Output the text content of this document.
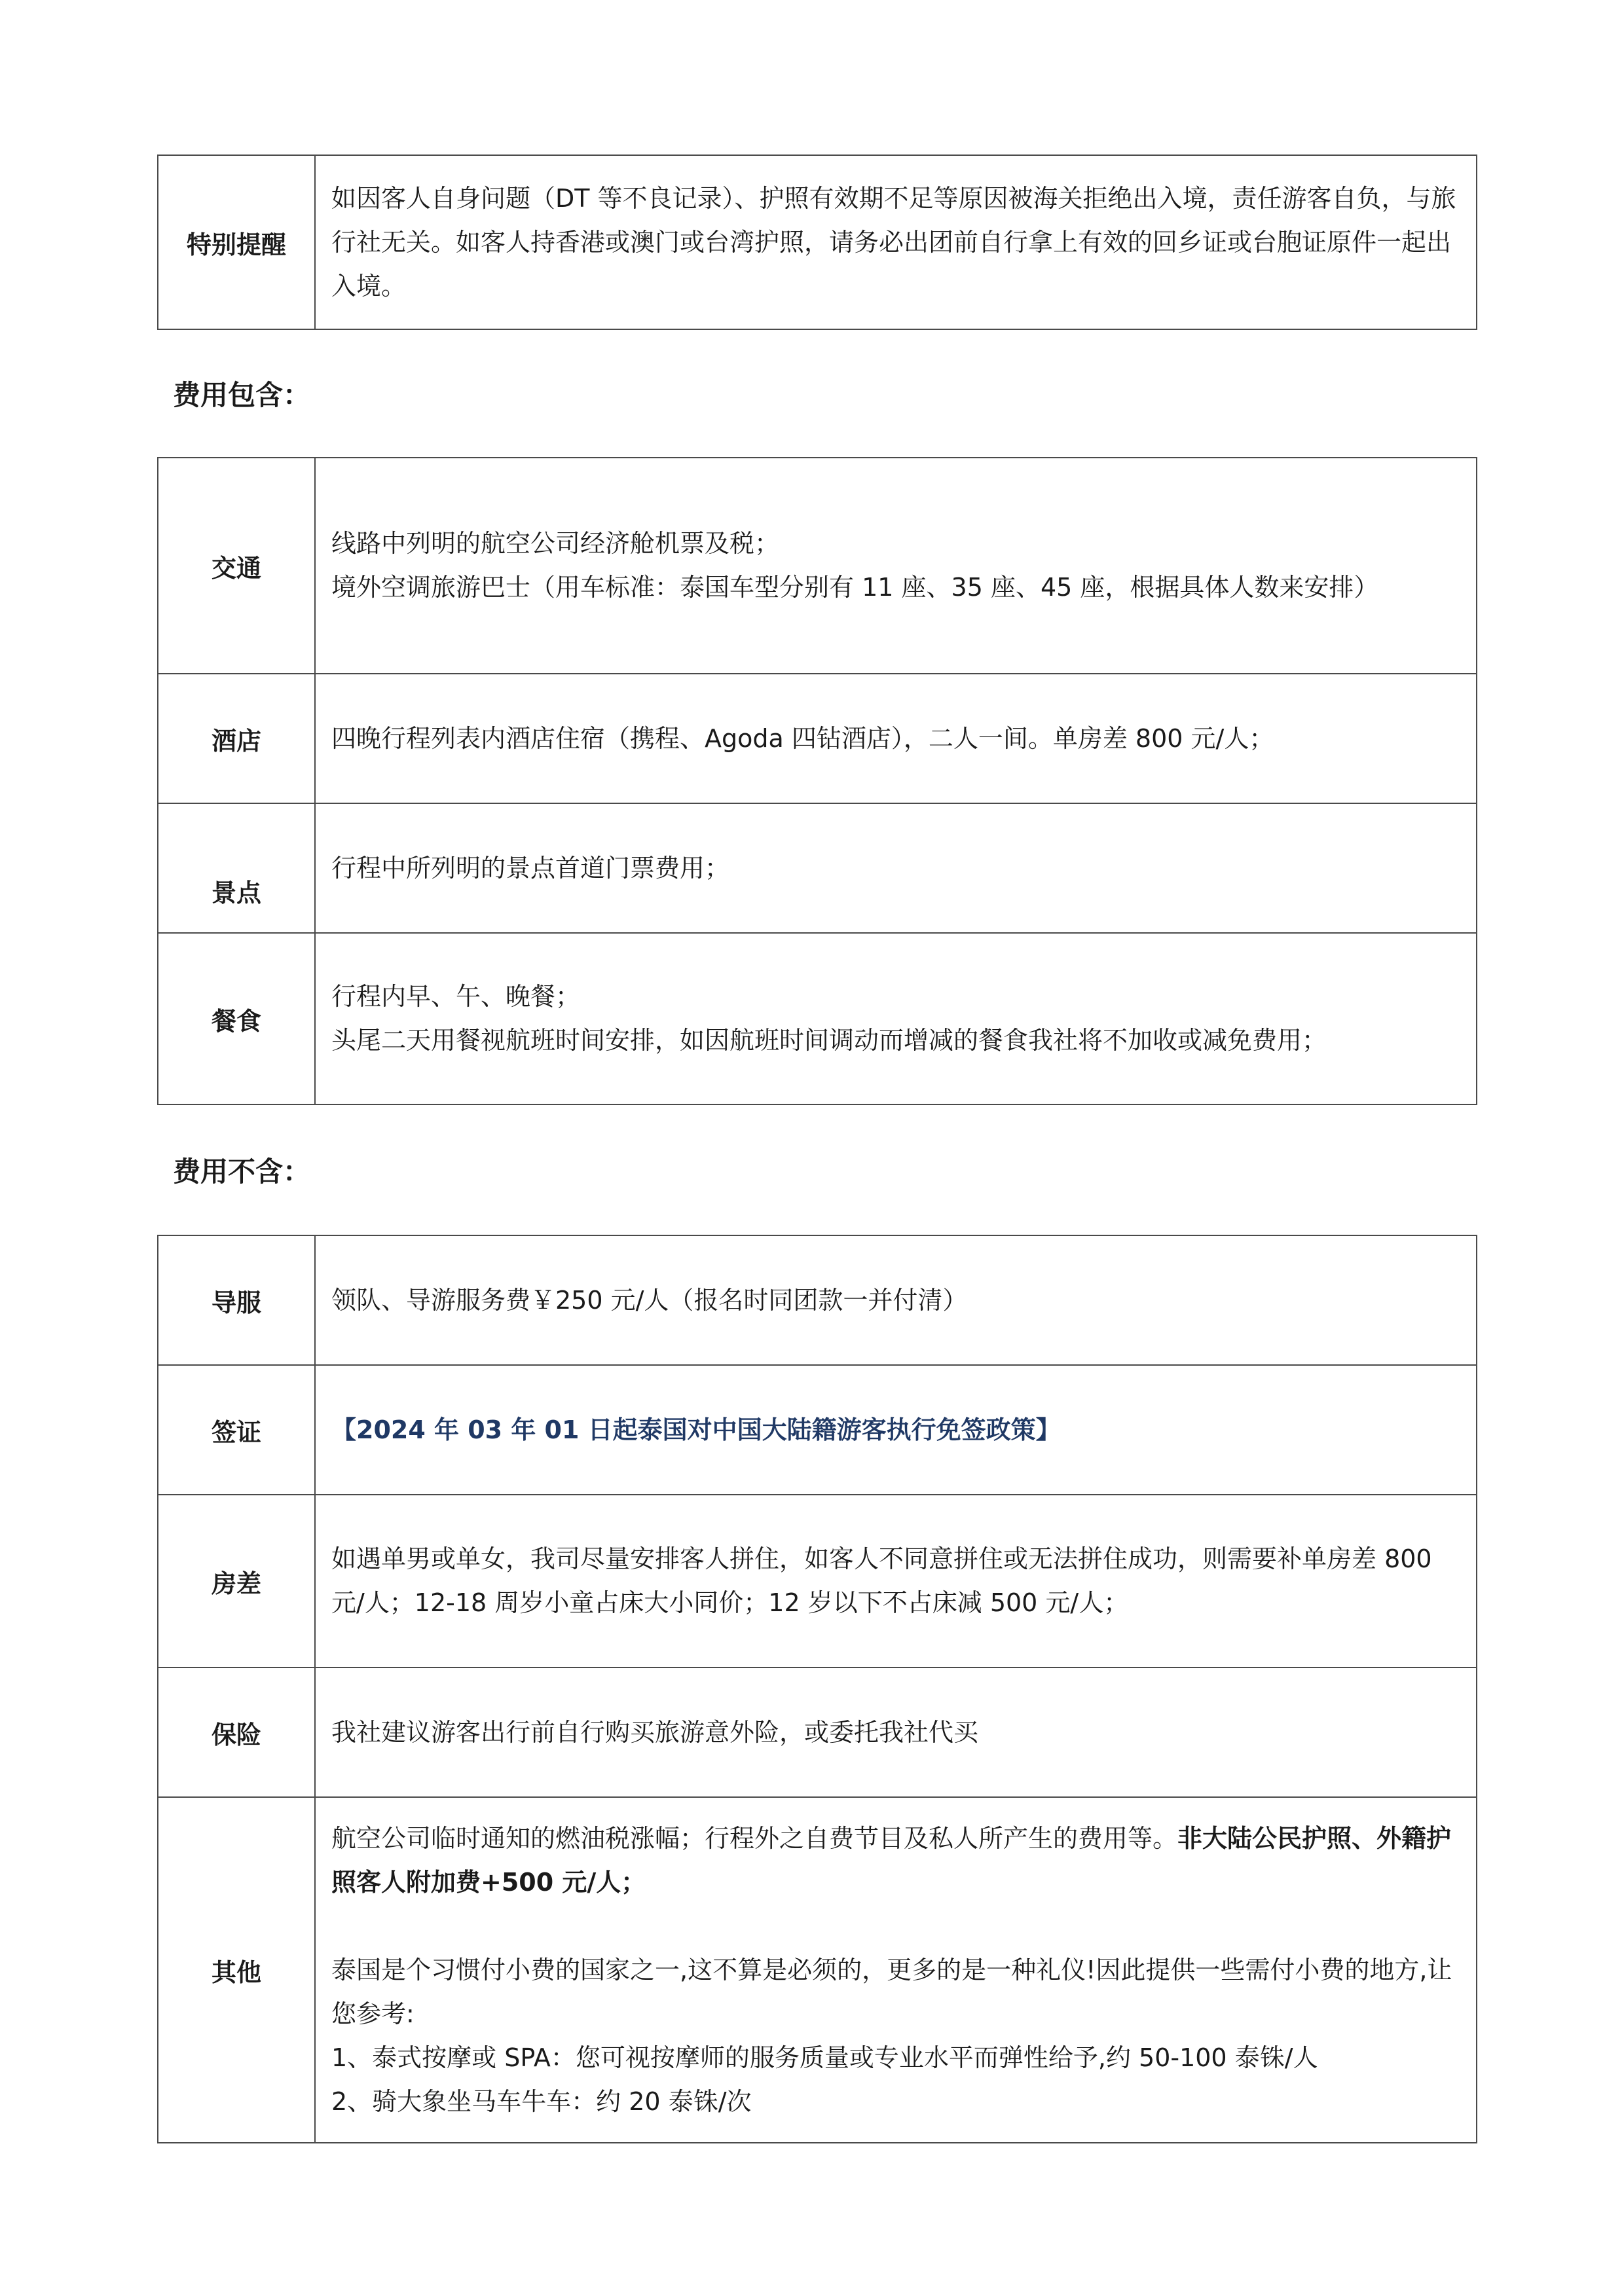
特别提醒	如因客人自身问题（DT 等不良记录）、护照有效期不足等原因被海关拒绝出入境，责任游客自负，与旅行社无关。如客人持香港或澳门或台湾护照，请务必出团前自行拿上有效的回乡证或台胞证原件一起出入境。
费用包含：
交通	线路中列明的航空公司经济舱机票及税；

境外空调旅游巴士（用车标准：泰国车型分别有 11 座、35 座、45 座，根据具体人数来安排）

酒店	四晚行程列表内酒店住宿（携程、Agoda 四钻酒店），二人一间。单房差 800 元/人；
景点	行程中所列明的景点首道门票费用；
餐食	行程内早、午、晚餐；

头尾二天用餐视航班时间安排，如因航班时间调动而增减的餐食我社将不加收或减免费用；

费用不含：
导服	领队、导游服务费￥250 元/人（报名时同团款一并付清）
签证	【2024 年 03 年 01 日起泰国对中国大陆籍游客执行免签政策】
房差	如遇单男或单女，我司尽量安排客人拼住，如客人不同意拼住或无法拼住成功，则需要补单房差 800 元/人；12-18 周岁小童占床大小同价；12 岁以下不占床减 500 元/人；
保险	我社建议游客出行前自行购买旅游意外险，或委托我社代买
其他	航空公司临时通知的燃油税涨幅；行程外之自费节目及私人所产生的费用等。非大陆公民护照、外籍护照客人附加费+500 元/人；

泰国是个习惯付小费的国家之一,这不算是必须的，更多的是一种礼仪!因此提供一些需付小费的地方,让您参考:

1、泰式按摩或 SPA：您可视按摩师的服务质量或专业水平而弹性给予,约 50-100 泰铢/人

2、骑大象坐马车牛车：约 20 泰铢/次
